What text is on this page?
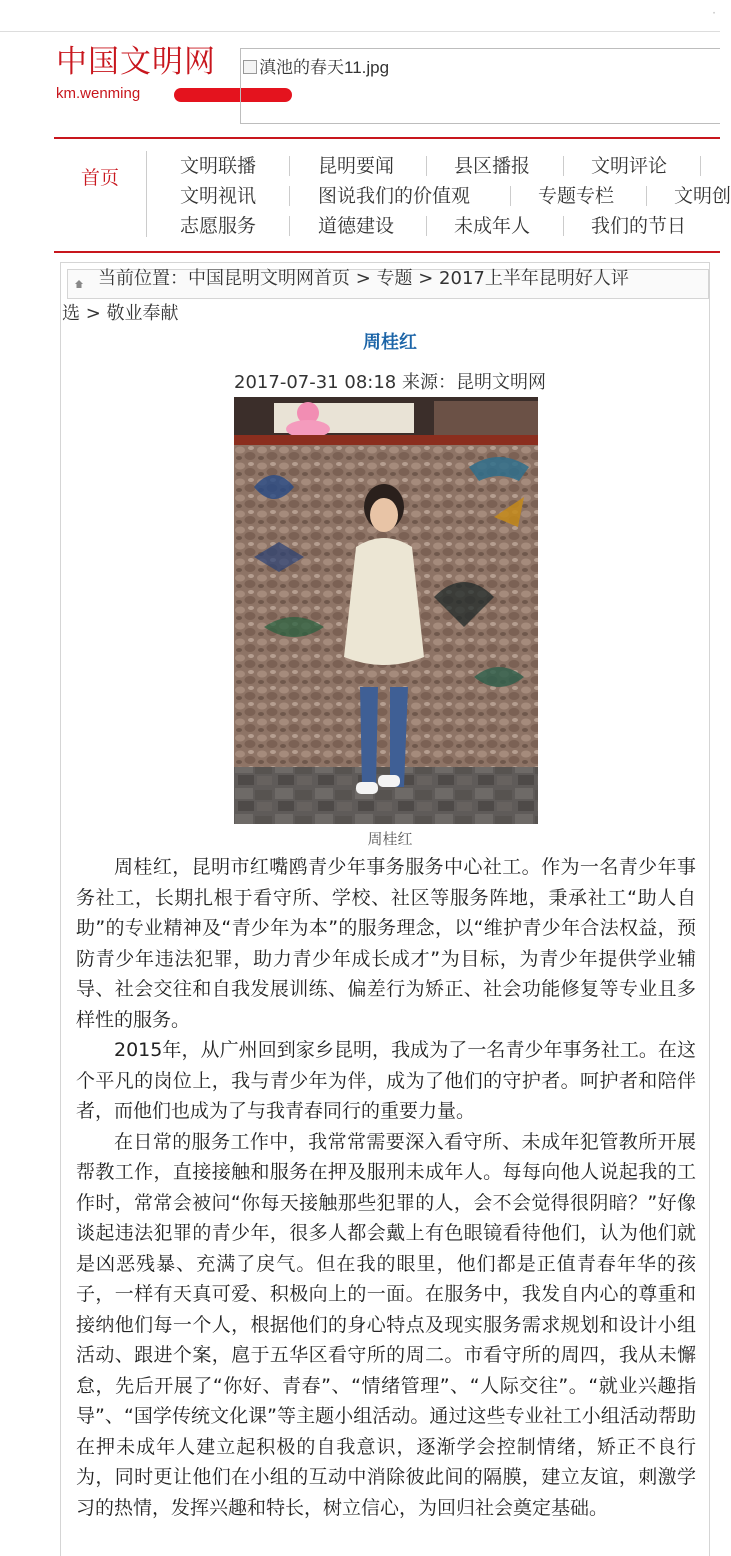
·
中国文明网
km.wenming
滇池的春天11.jpg
首页
文明联播	昆明要闻	县区播报	文明评论
文明视讯	图说我们的价值观	专题专栏	文明创
志愿服务	道德建设	未成年人	我们的节日
当前位置：中国昆明文明网首页 > 专题 > 2017上半年昆明好人评
选 > 敬业奉献
周桂红
2017-07-31 08:18 来源：昆明文明网
周桂红

周桂红，昆明市红嘴鸥青少年事务服务中心社工。作为一名青少年事务社工，长期扎根于看守所、学校、社区等服务阵地，秉承社工“助人自助”的专业精神及“青少年为本”的服务理念，以“维护青少年合法权益，预防青少年违法犯罪，助力青少年成长成才”为目标，为青少年提供学业辅导、社会交往和自我发展训练、偏差行为矫正、社会功能修复等专业且多样性的服务。

2015年，从广州回到家乡昆明，我成为了一名青少年事务社工。在这个平凡的岗位上，我与青少年为伴，成为了他们的守护者。呵护者和陪伴者，而他们也成为了与我青春同行的重要力量。

在日常的服务工作中，我常常需要深入看守所、未成年犯管教所开展帮教工作，直接接触和服务在押及服刑未成年人。每每向他人说起我的工作时，常常会被问“你每天接触那些犯罪的人，会不会觉得很阴暗？”好像谈起违法犯罪的青少年，很多人都会戴上有色眼镜看待他们，认为他们就是凶恶残暴、充满了戾气。但在我的眼里，他们都是正值青春年华的孩子，一样有天真可爱、积极向上的一面。在服务中，我发自内心的尊重和接纳他们每一个人，根据他们的身心特点及现实服务需求规划和设计小组活动、跟进个案，扈于五华区看守所的周二。市看守所的周四，我从未懈怠，先后开展了“你好、青春”、“情绪管理”、“人际交往”。“就业兴趣指导”、“国学传统文化课”等主题小组活动。通过这些专业社工小组活动帮助在押未成年人建立起积极的自我意识，逐渐学会控制情绪，矫正不良行为，同时更让他们在小组的互动中消除彼此间的隔膜，建立友谊，刺激学习的热情，发挥兴趣和特长，树立信心，为回归社会奠定基础。
